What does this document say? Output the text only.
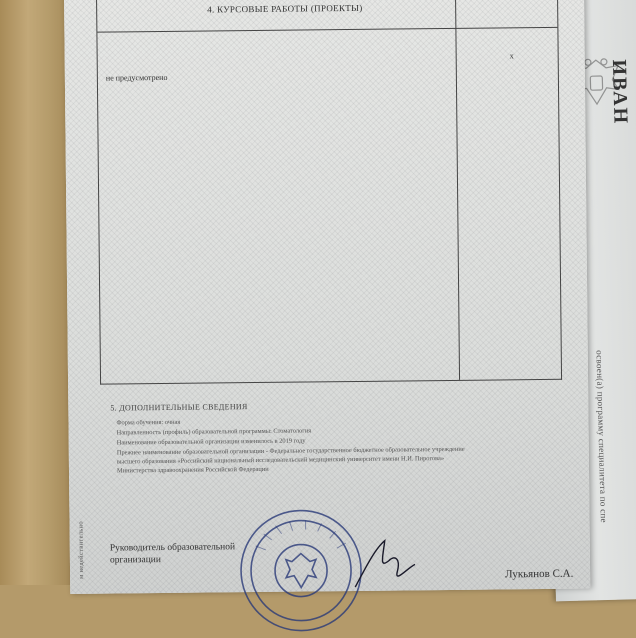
ИВАН
освоен(а) программу специалитета по спе
4. КУРСОВЫЕ РАБОТЫ (ПРОЕКТЫ)
не предусмотрено
х
5. ДОПОЛНИТЕЛЬНЫЕ СВЕДЕНИЯ
Форма обучения: очная
Направленность (профиль) образовательной программы: Стоматология
Наименование образовательной организации изменилось в 2019 году
Прежнее наименование образовательной организации - Федеральное государственное бюджетное образовательное учреждение
высшего образования «Российский национальный исследовательский медицинский университет имени Н.И. Пирогова»
Министерства здравоохранения Российской Федерации
м недействительно	Руководитель образовательной
организации
Лукьянов С.А.
